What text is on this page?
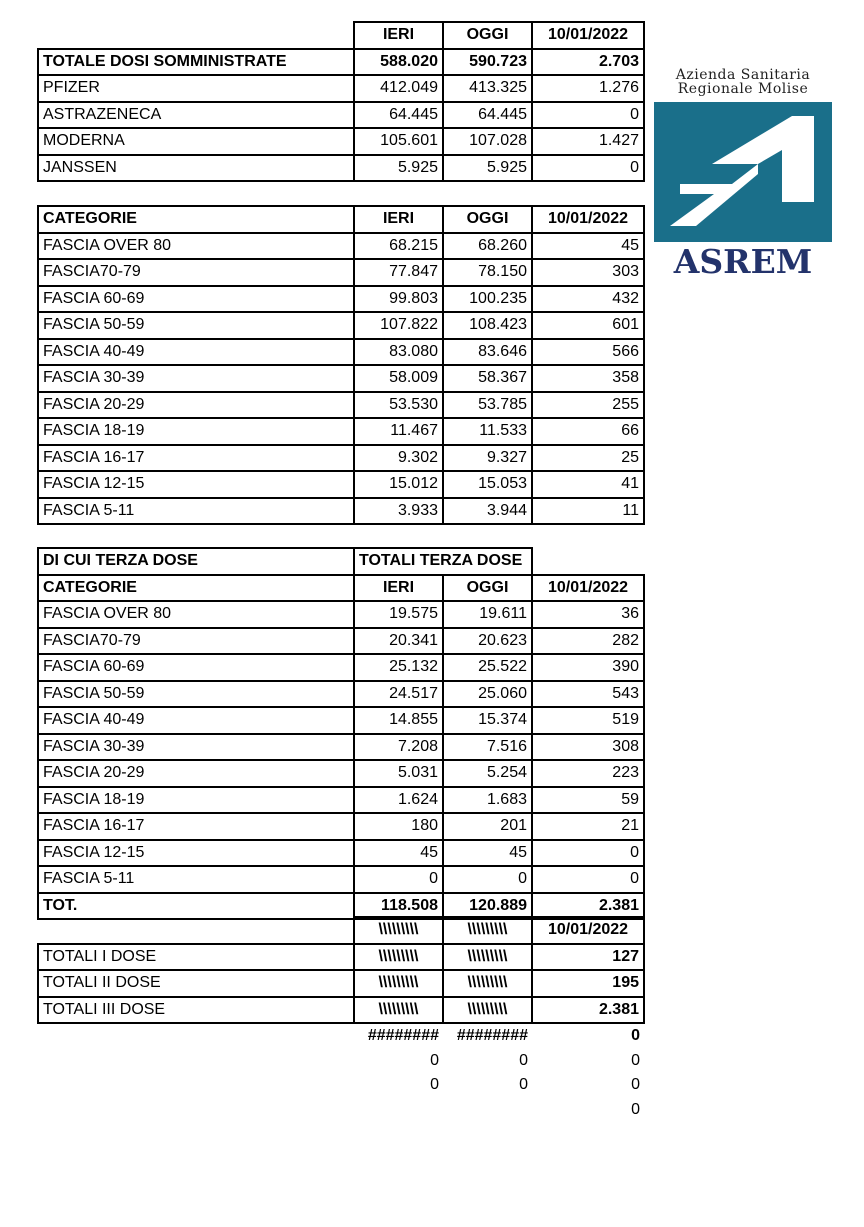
	IERI	OGGI	10/01/2022
TOTALE DOSI SOMMINISTRATE	588.020	590.723	2.703
PFIZER	412.049	413.325	1.276
ASTRAZENECA	64.445	64.445	0
MODERNA	105.601	107.028	1.427
JANSSEN	5.925	5.925	0
CATEGORIE	IERI	OGGI	10/01/2022
FASCIA OVER 80	68.215	68.260	45
FASCIA70-79	77.847	78.150	303
FASCIA 60-69	99.803	100.235	432
FASCIA 50-59	107.822	108.423	601
FASCIA 40-49	83.080	83.646	566
FASCIA 30-39	58.009	58.367	358
FASCIA 20-29	53.530	53.785	255
FASCIA 18-19	11.467	11.533	66
FASCIA 16-17	9.302	9.327	25
FASCIA 12-15	15.012	15.053	41
FASCIA 5-11	3.933	3.944	11
DI CUI TERZA DOSE	TOTALI TERZA DOSE		
CATEGORIE	IERI	OGGI	10/01/2022
FASCIA OVER 80	19.575	19.611	36
FASCIA70-79	20.341	20.623	282
FASCIA 60-69	25.132	25.522	390
FASCIA 50-59	24.517	25.060	543
FASCIA 40-49	14.855	15.374	519
FASCIA 30-39	7.208	7.516	308
FASCIA 20-29	5.031	5.254	223
FASCIA 18-19	1.624	1.683	59
FASCIA 16-17	180	201	21
FASCIA 12-15	45	45	0
FASCIA 5-11	0	0	0
TOT.	118.508	120.889	2.381
	\\\\\\\\\	\\\\\\\\\	10/01/2022
TOTALI I DOSE	\\\\\\\\\	\\\\\\\\\	127
TOTALI II DOSE	\\\\\\\\\	\\\\\\\\\	195
TOTALI III DOSE	\\\\\\\\\	\\\\\\\\\	2.381
	########	########	0
	0	0	0
	0	0	0
			0
Azienda Sanitaria
Regionale Molise
ASREM
